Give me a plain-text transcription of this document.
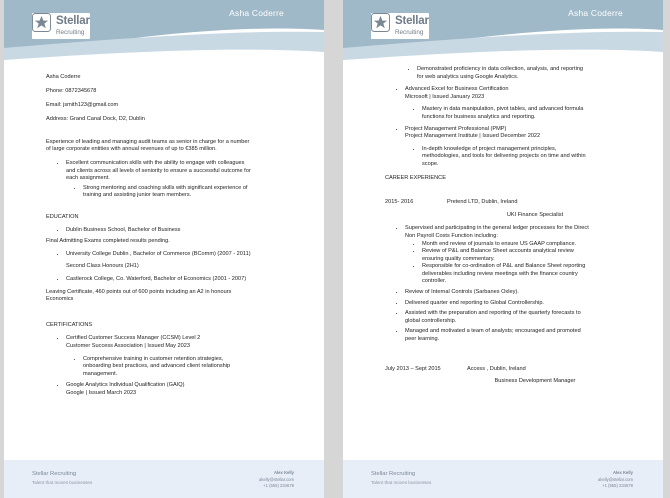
Stellar
Recruiting
Asha Coderre
Asha Coderre
Phone: 0872345678
Email: jsmith123@gmail.com
Address: Grand Canal Dock, D2, Dublin
Experience of leading and managing audit teams as senior in charge for a number
of large corporate entities with annual revenues of up to €385 million.
• Excellent communication skills with the ability to engage with colleagues
and clients across all levels of seniority to ensure a successful outcome for
each assignment.
• Strong mentoring and coaching skills with significant experience of
training and assisting junior team members.
EDUCATION
• Dublin Business School, Bachelor of Business
Final Admitting Exams completed results pending.
• University College Dublin , Bachelor of Commerce (BComm) (2007 - 2011)
Second Class Honours (2H1)
• Castlerock College, Co. Waterford, Bachelor of Economics (2001 - 2007)
Leaving Certificate, 460 points out of 600 points including an A2 in honours
Economics
CERTIFICATIONS
• Certified Customer Success Manager (CCSM) Level 2
Customer Success Association | Issued May 2023
• Comprehensive training in customer retention strategies,
onboarding best practices, and advanced client relationship
management.
• Google Analytics Individual Qualification (GAIQ)
Google | Issued March 2023
Stellar Recruiting
Talent that moves businesses
Alex Kelly
akelly@stellar.com
+1 (555) 234678
Stellar
Recruiting
Asha Coderre
• Demonstrated proficiency in data collection, analysis, and reporting
for web analytics using Google Analytics.
• Advanced Excel for Business Certification
Microsoft | Issued January 2023
• Mastery in data manipulation, pivot tables, and advanced formula
functions for business analytics and reporting.
• Project Management Professional (PMP)
Project Management Institute | Issued December 2022
• In-depth knowledge of project management principles,
methodologies, and tools for delivering projects on time and within
scope.
CAREER EXPERIENCE
2015- 2016	Pretend LTD, Dublin, Ireland
UKI Finance Specialist
• Supervised and participating in the general ledger processes for the Direct
Non Payroll Costs Function including:
• Month end review of journals to ensure US GAAP compliance.
• Review of P&L and Balance Sheet accounts analytical review
ensuring quality commentary.
• Responsible for co-ordination of P&L and Balance Sheet reporting
deliverables including review meetings with the finance country
controller.
• Review of Internal Controls (Sarbanes Oxley).
• Delivered quarter end reporting to Global Controllership.
• Assisted with the preparation and reporting of the quarterly forecasts to
global controllership.
• Managed and motivated a team of analysts; encouraged and promoted
peer learning.
July 2013 – Sept 2015	Access , Dublin, Ireland
Business Development Manager
Stellar Recruiting
Talent that moves businesses
Alex Kelly
akelly@stellar.com
+1 (555) 234678
